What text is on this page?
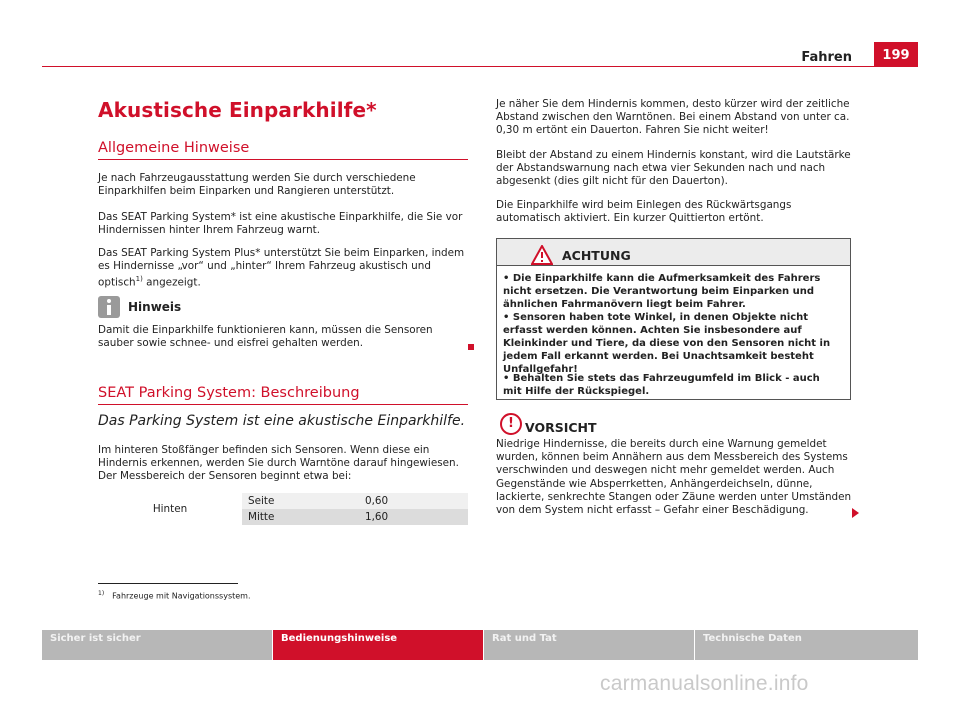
Fahren	199
Akustische Einparkhilfe*
Allgemeine Hinweise
Je nach Fahrzeugausstattung werden Sie durch verschiedene Einparkhilfen beim Einparken und Rangieren unterstützt.
Das SEAT Parking System* ist eine akustische Einparkhilfe, die Sie vor Hindernissen hinter Ihrem Fahrzeug warnt.
Das SEAT Parking System Plus* unterstützt Sie beim Einparken, indem es Hindernisse „vor“ und „hinter“ Ihrem Fahrzeug akustisch und optisch$^{1)}$ angezeigt.
Hinweis
Damit die Einparkhilfe funktionieren kann, müssen die Sensoren sauber sowie schnee- und eisfrei gehalten werden.
SEAT Parking System: Beschreibung
Das Parking System ist eine akustische Einparkhilfe.
Im hinteren Stoßfänger befinden sich Sensoren. Wenn diese ein Hindernis erkennen, werden Sie durch Warntöne darauf hingewiesen. Der Messbereich der Sensoren beginnt etwa bei:
Hinten	Seite	0,60
	Mitte	1,60
Je näher Sie dem Hindernis kommen, desto kürzer wird der zeitliche Abstand zwischen den Warntönen. Bei einem Abstand von unter ca. 0,30 m ertönt ein Dauerton. Fahren Sie nicht weiter!
Bleibt der Abstand zu einem Hindernis konstant, wird die Lautstärke der Abstandswarnung nach etwa vier Sekunden nach und nach abgesenkt (dies gilt nicht für den Dauerton).
Die Einparkhilfe wird beim Einlegen des Rückwärtsgangs automatisch aktiviert. Ein kurzer Quittierton ertönt.
ACHTUNG
• Die Einparkhilfe kann die Aufmerksamkeit des Fahrers nicht ersetzen. Die Verantwortung beim Einparken und ähnlichen Fahrmanövern liegt beim Fahrer.
• Sensoren haben tote Winkel, in denen Objekte nicht erfasst werden können. Achten Sie insbesondere auf Kleinkinder und Tiere, da diese von den Sensoren nicht in jedem Fall erkannt werden. Bei Unachtsamkeit besteht Unfallgefahr!
• Behalten Sie stets das Fahrzeugumfeld im Blick - auch mit Hilfe der Rückspiegel.
! VORSICHT
Niedrige Hindernisse, die bereits durch eine Warnung gemeldet wurden, können beim Annähern aus dem Messbereich des Systems verschwinden und deswegen nicht mehr gemeldet werden. Auch Gegenstände wie Absperrketten, Anhängerdeichseln, dünne, lackierte, senkrechte Stangen oder Zäune werden unter Umständen von dem System nicht erfasst – Gefahr einer Beschädigung.
$^{1)}$ Fahrzeuge mit Navigationssystem.
Sicher ist sicher	Bedienungshinweise	Rat und Tat	Technische Daten
carmanualsonline.info
